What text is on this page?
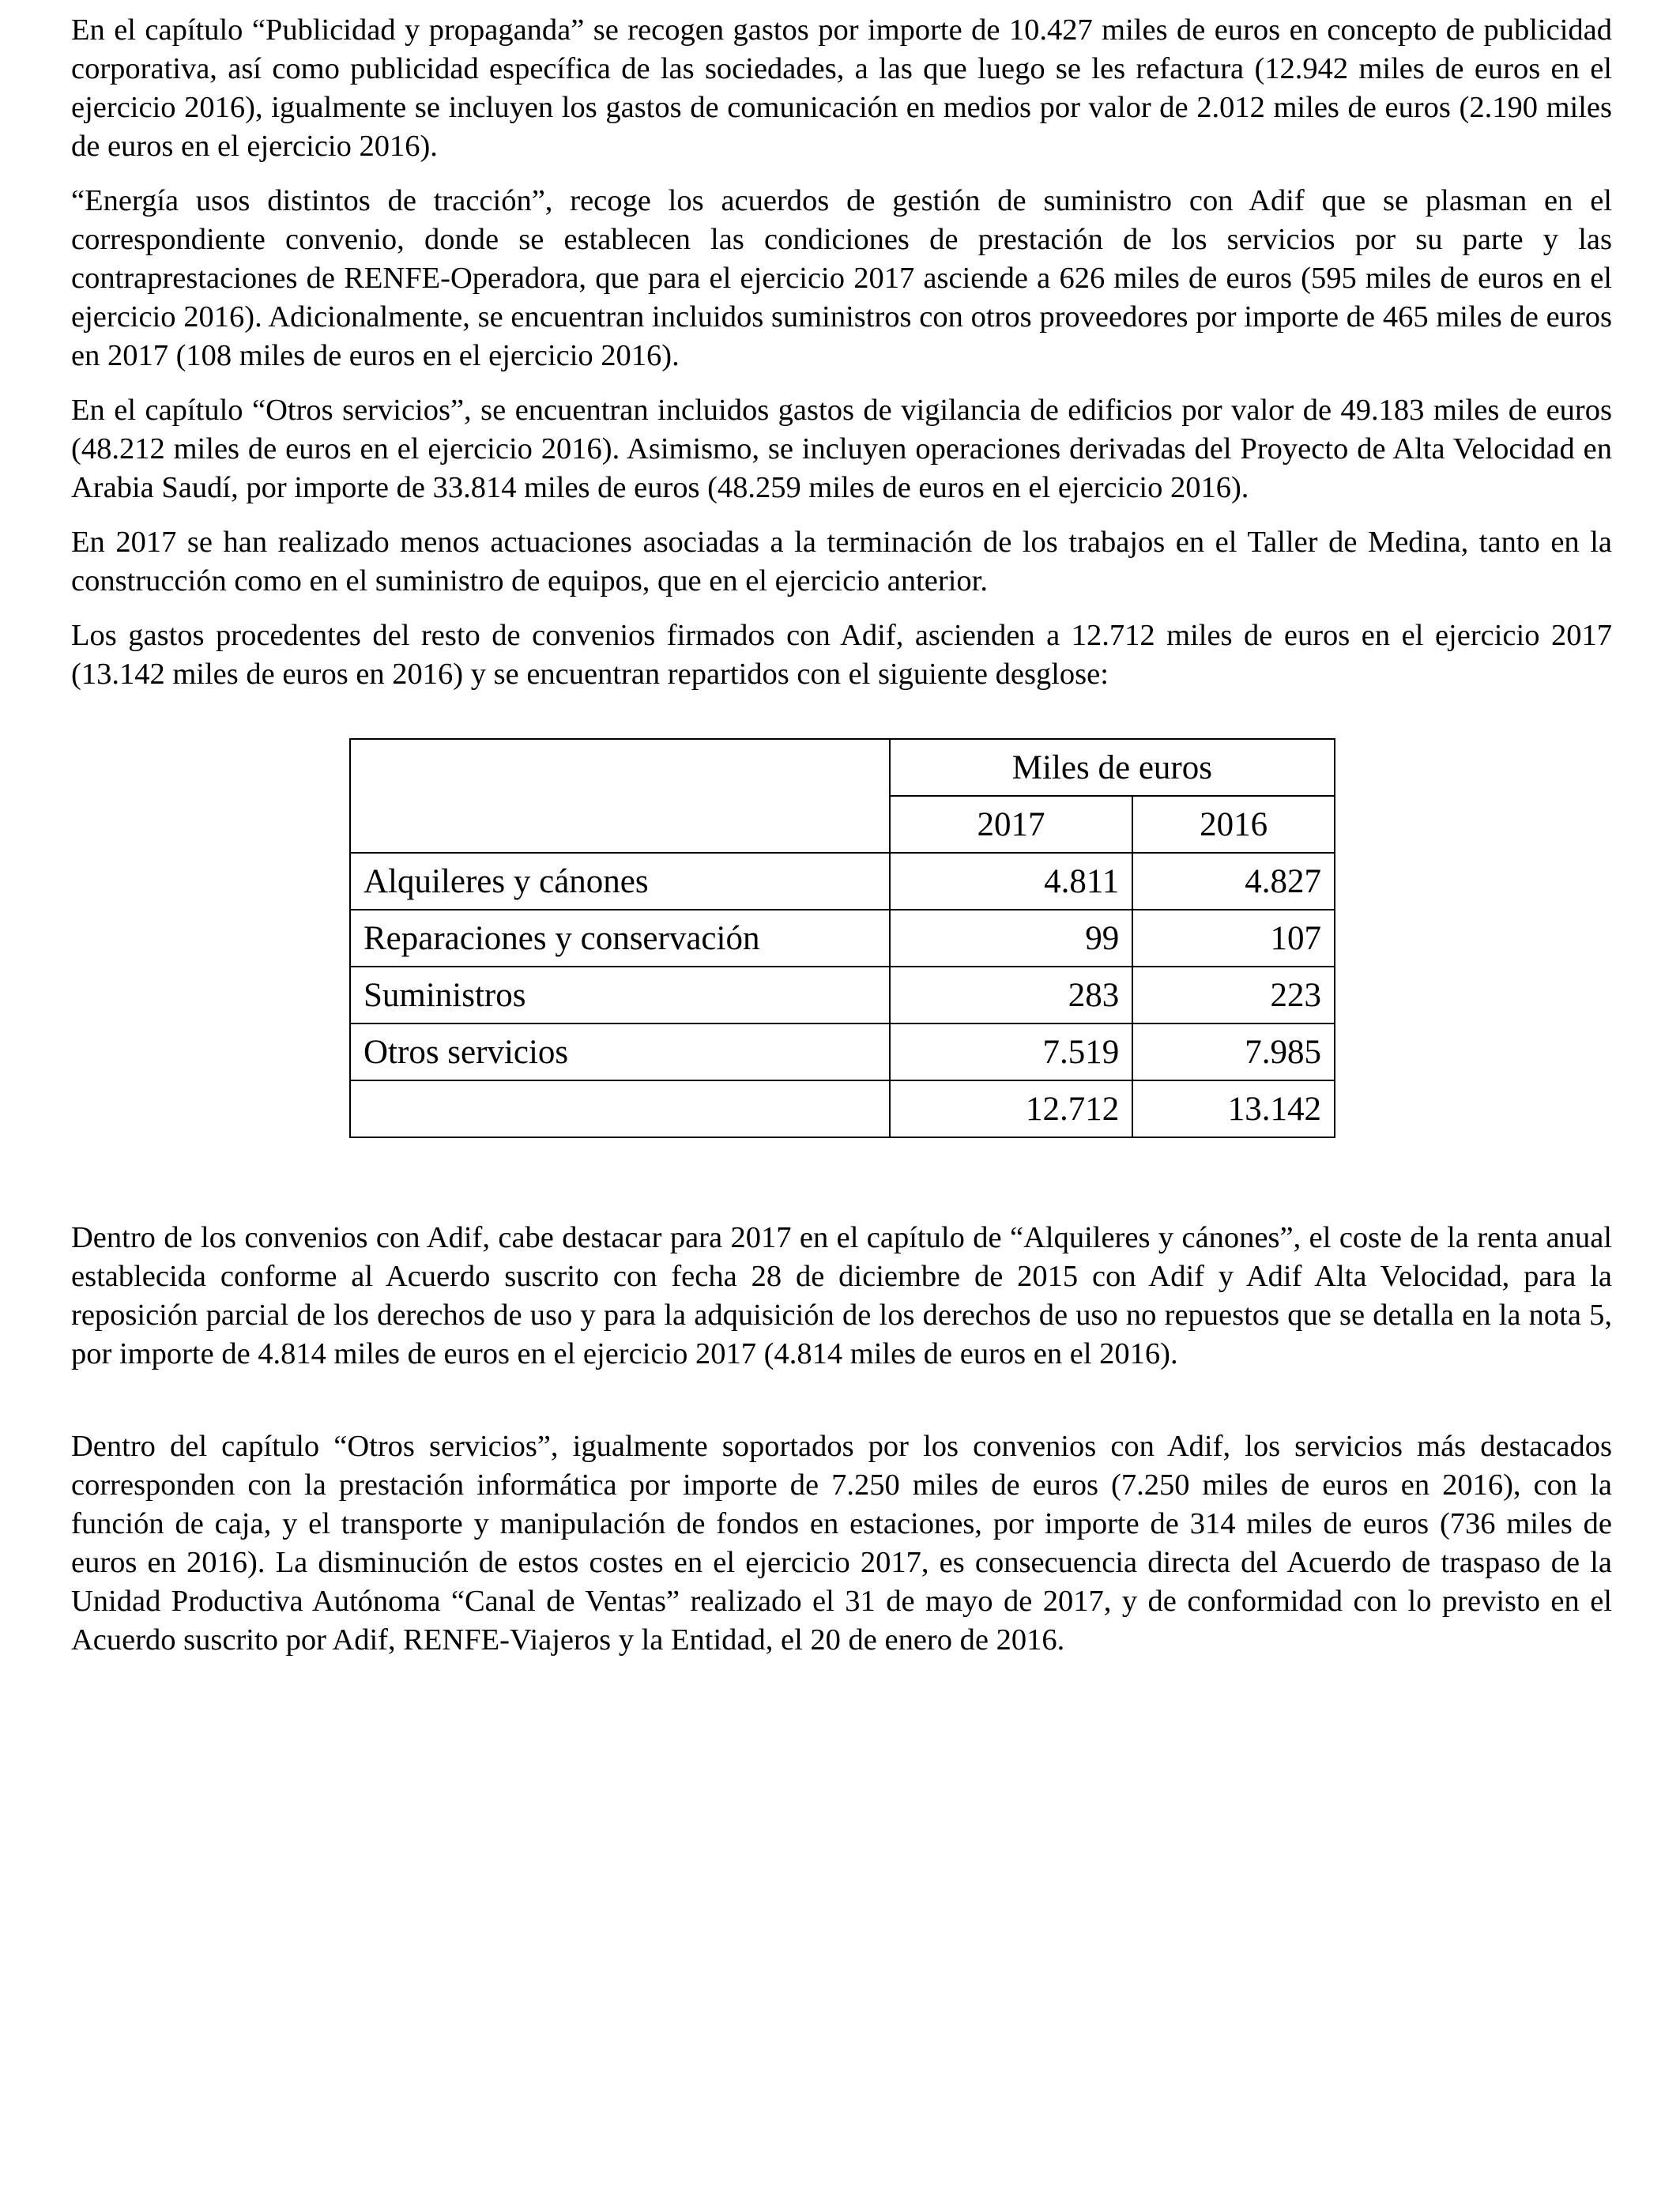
En el capítulo “Publicidad y propaganda” se recogen gastos por importe de 10.427 miles de euros en concepto de publicidad corporativa, así como publicidad específica de las sociedades, a las que luego se les refactura (12.942 miles de euros en el ejercicio 2016), igualmente se incluyen los gastos de comunicación en medios por valor de 2.012 miles de euros (2.190 miles de euros en el ejercicio 2016).

“Energía usos distintos de tracción”, recoge los acuerdos de gestión de suministro con Adif que se plasman en el correspondiente convenio, donde se establecen las condiciones de prestación de los servicios por su parte y las contraprestaciones de RENFE-Operadora, que para el ejercicio 2017 asciende a 626 miles de euros (595 miles de euros en el ejercicio 2016). Adicionalmente, se encuentran incluidos suministros con otros proveedores por importe de 465 miles de euros en 2017 (108 miles de euros en el ejercicio 2016).

En el capítulo “Otros servicios”, se encuentran incluidos gastos de vigilancia de edificios por valor de 49.183 miles de euros (48.212 miles de euros en el ejercicio 2016). Asimismo, se incluyen operaciones derivadas del Proyecto de Alta Velocidad en Arabia Saudí, por importe de 33.814 miles de euros (48.259 miles de euros en el ejercicio 2016).

En 2017 se han realizado menos actuaciones asociadas a la terminación de los trabajos en el Taller de Medina, tanto en la construcción como en el suministro de equipos, que en el ejercicio anterior.

Los gastos procedentes del resto de convenios firmados con Adif, ascienden a 12.712 miles de euros en el ejercicio 2017 (13.142 miles de euros en 2016) y se encuentran repartidos con el siguiente desglose:

	Miles de euros	
	2017	2016
Alquileres y cánones	4.811	4.827
Reparaciones y conservación	99	107
Suministros	283	223
Otros servicios	7.519	7.985
	12.712	13.142

Dentro de los convenios con Adif, cabe destacar para 2017 en el capítulo de “Alquileres y cánones”, el coste de la renta anual establecida conforme al Acuerdo suscrito con fecha 28 de diciembre de 2015 con Adif y Adif Alta Velocidad, para la reposición parcial de los derechos de uso y para la adquisición de los derechos de uso no repuestos que se detalla en la nota 5, por importe de 4.814 miles de euros en el ejercicio 2017 (4.814 miles de euros en el 2016).

Dentro del capítulo “Otros servicios”, igualmente soportados por los convenios con Adif, los servicios más destacados corresponden con la prestación informática por importe de 7.250 miles de euros (7.250 miles de euros en 2016), con la función de caja, y el transporte y manipulación de fondos en estaciones, por importe de 314 miles de euros (736 miles de euros en 2016). La disminución de estos costes en el ejercicio 2017, es consecuencia directa del Acuerdo de traspaso de la Unidad Productiva Autónoma “Canal de Ventas” realizado el 31 de mayo de 2017, y de conformidad con lo previsto en el Acuerdo suscrito por Adif, RENFE-Viajeros y la Entidad, el 20 de enero de 2016.
